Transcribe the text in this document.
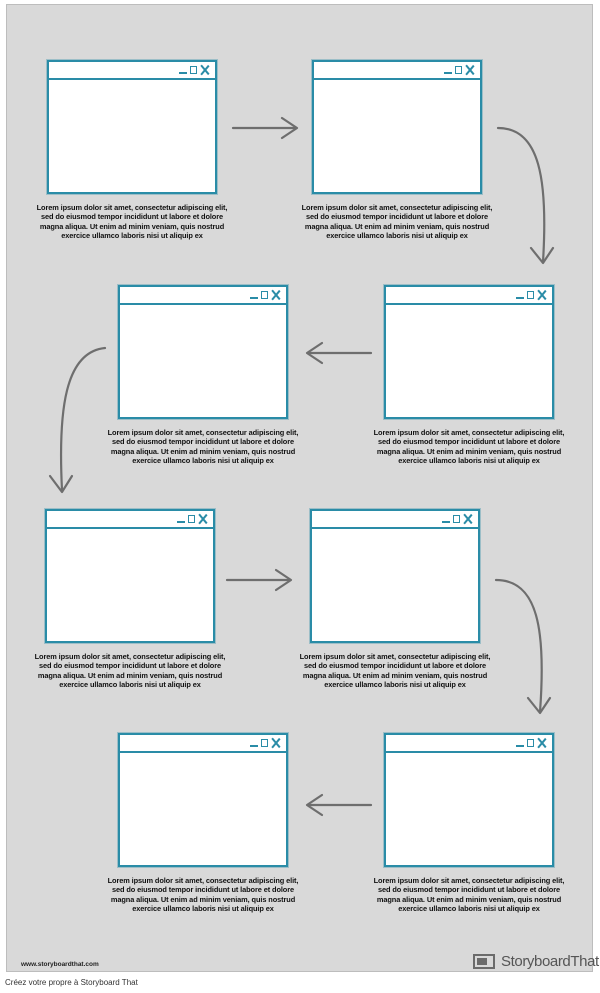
Lorem ipsum dolor sit amet, consectetur adipiscing elit, sed do eiusmod tempor incididunt ut labore et dolore magna aliqua. Ut enim ad minim veniam, quis nostrud exercice ullamco laboris nisi ut aliquip ex
Lorem ipsum dolor sit amet, consectetur adipiscing elit, sed do eiusmod tempor incididunt ut labore et dolore magna aliqua. Ut enim ad minim veniam, quis nostrud exercice ullamco laboris nisi ut aliquip ex
Lorem ipsum dolor sit amet, consectetur adipiscing elit, sed do eiusmod tempor incididunt ut labore et dolore magna aliqua. Ut enim ad minim veniam, quis nostrud exercice ullamco laboris nisi ut aliquip ex
Lorem ipsum dolor sit amet, consectetur adipiscing elit, sed do eiusmod tempor incididunt ut labore et dolore magna aliqua. Ut enim ad minim veniam, quis nostrud exercice ullamco laboris nisi ut aliquip ex
Lorem ipsum dolor sit amet, consectetur adipiscing elit, sed do eiusmod tempor incididunt ut labore et dolore magna aliqua. Ut enim ad minim veniam, quis nostrud exercice ullamco laboris nisi ut aliquip ex
Lorem ipsum dolor sit amet, consectetur adipiscing elit, sed do eiusmod tempor incididunt ut labore et dolore magna aliqua. Ut enim ad minim veniam, quis nostrud exercice ullamco laboris nisi ut aliquip ex
Lorem ipsum dolor sit amet, consectetur adipiscing elit, sed do eiusmod tempor incididunt ut labore et dolore magna aliqua. Ut enim ad minim veniam, quis nostrud exercice ullamco laboris nisi ut aliquip ex
Lorem ipsum dolor sit amet, consectetur adipiscing elit, sed do eiusmod tempor incididunt ut labore et dolore magna aliqua. Ut enim ad minim veniam, quis nostrud exercice ullamco laboris nisi ut aliquip ex
www.storyboardthat.com	StoryboardThat
Créez votre propre à Storyboard That
